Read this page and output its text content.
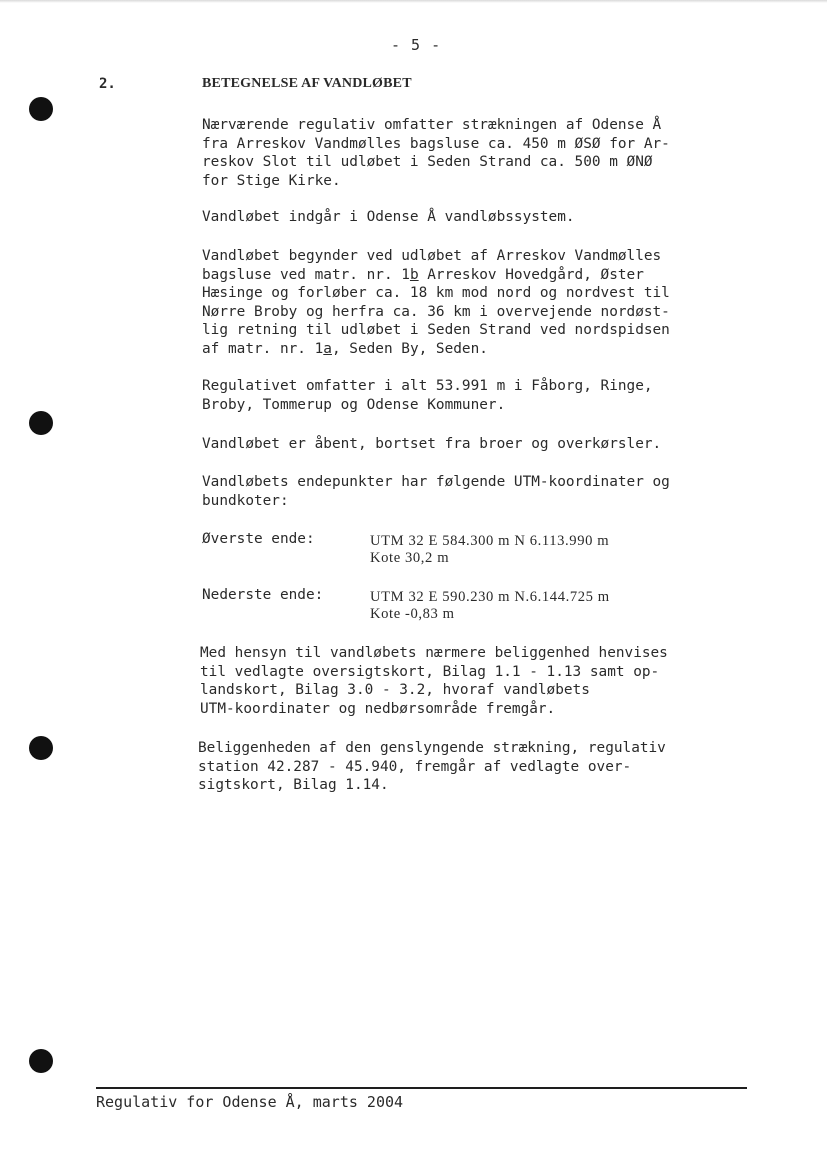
- 5 -
2.	BETEGNELSE AF VANDLØBET
Nærværende regulativ omfatter strækningen af Odense Å
fra Arreskov Vandmølles bagsluse ca. 450 m ØSØ for Ar-
reskov Slot til udløbet i Seden Strand ca. 500 m ØNØ
for Stige Kirke.
Vandløbet indgår i Odense Å vandløbssystem.
Vandløbet begynder ved udløbet af Arreskov Vandmølles
bagsluse ved matr. nr. 1b Arreskov Hovedgård, Øster
Hæsinge og forløber ca. 18 km mod nord og nordvest til
Nørre Broby og herfra ca. 36 km i overvejende nordøst-
lig retning til udløbet i Seden Strand ved nordspidsen
af matr. nr. 1a, Seden By, Seden.
Regulativet omfatter i alt 53.991 m i Fåborg, Ringe,
Broby, Tommerup og Odense Kommuner.
Vandløbet er åbent, bortset fra broer og overkørsler.
Vandløbets endepunkter har følgende UTM-koordinater og
bundkoter:
Øverste ende:	UTM 32 E 584.300 m N 6.113.990 m
Kote 30,2 m
Nederste ende:	UTM 32 E 590.230 m N.6.144.725 m
Kote -0,83 m
Med hensyn til vandløbets nærmere beliggenhed henvises
til vedlagte oversigtskort, Bilag 1.1 - 1.13 samt op-
landskort, Bilag 3.0 - 3.2, hvoraf vandløbets
UTM-koordinater og nedbørsområde fremgår.
Beliggenheden af den genslyngende strækning, regulativ
station 42.287 - 45.940, fremgår af vedlagte over-
sigtskort, Bilag 1.14.
Regulativ for Odense Å, marts 2004
